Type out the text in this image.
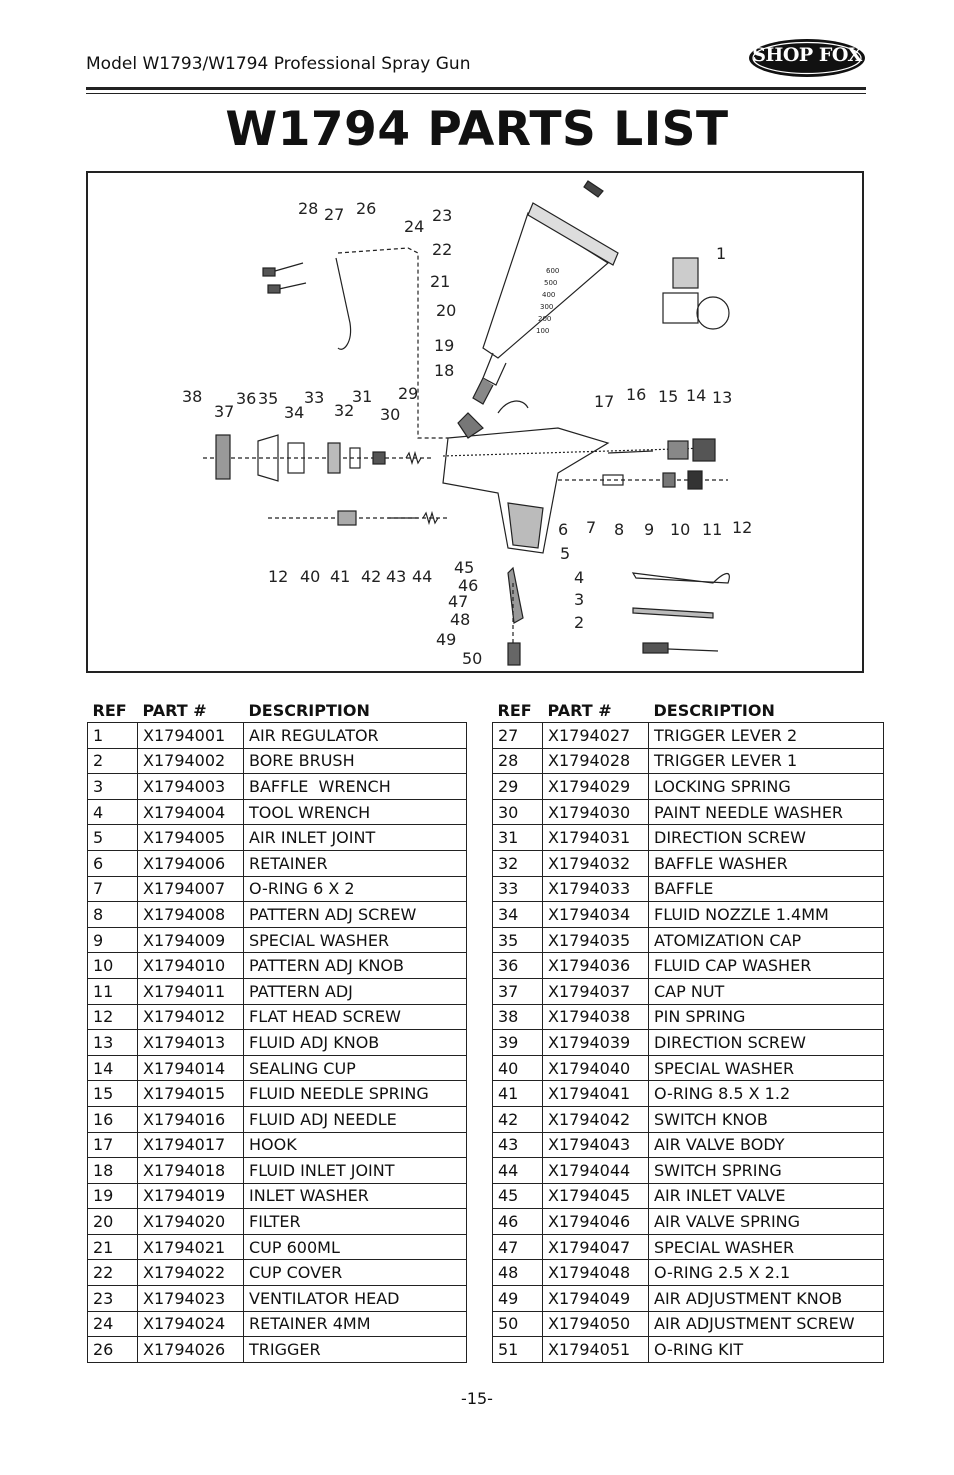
Model W1793/W1794 Professional Spray Gun	SHOP FOX
W1794 PARTS LIST
1
2
3
4
5
6 7 8 9 10 11 12
13
14
15
16
17
18
19
20
21
22
23
24
26
27
28
29
30
31
32
33
34
35
36
37
38
40 41 42 43 44 45
46
47
48
49
50
12
600
500
400
300
200
100
REF	PART #	DESCRIPTION
1	X1794001	AIR REGULATOR
2	X1794002	BORE BRUSH
3	X1794003	BAFFLE  WRENCH
4	X1794004	TOOL WRENCH
5	X1794005	AIR INLET JOINT
6	X1794006	RETAINER
7	X1794007	O-RING 6 X 2
8	X1794008	PATTERN ADJ SCREW
9	X1794009	SPECIAL WASHER
10	X1794010	PATTERN ADJ KNOB
11	X1794011	PATTERN ADJ
12	X1794012	FLAT HEAD SCREW
13	X1794013	FLUID ADJ KNOB
14	X1794014	SEALING CUP
15	X1794015	FLUID NEEDLE SPRING
16	X1794016	FLUID ADJ NEEDLE
17	X1794017	HOOK
18	X1794018	FLUID INLET JOINT
19	X1794019	INLET WASHER
20	X1794020	FILTER
21	X1794021	CUP 600ML
22	X1794022	CUP COVER
23	X1794023	VENTILATOR HEAD
24	X1794024	RETAINER 4MM
26	X1794026	TRIGGER
REF	PART #	DESCRIPTION
27	X1794027	TRIGGER LEVER 2
28	X1794028	TRIGGER LEVER 1
29	X1794029	LOCKING SPRING
30	X1794030	PAINT NEEDLE WASHER
31	X1794031	DIRECTION SCREW
32	X1794032	BAFFLE WASHER
33	X1794033	BAFFLE
34	X1794034	FLUID NOZZLE 1.4MM
35	X1794035	ATOMIZATION CAP
36	X1794036	FLUID CAP WASHER
37	X1794037	CAP NUT
38	X1794038	PIN SPRING
39	X1794039	DIRECTION SCREW
40	X1794040	SPECIAL WASHER
41	X1794041	O-RING 8.5 X 1.2
42	X1794042	SWITCH KNOB
43	X1794043	AIR VALVE BODY
44	X1794044	SWITCH SPRING
45	X1794045	AIR INLET VALVE
46	X1794046	AIR VALVE SPRING
47	X1794047	SPECIAL WASHER
48	X1794048	O-RING 2.5 X 2.1
49	X1794049	AIR ADJUSTMENT KNOB
50	X1794050	AIR ADJUSTMENT SCREW
51	X1794051	O-RING KIT
-15-
